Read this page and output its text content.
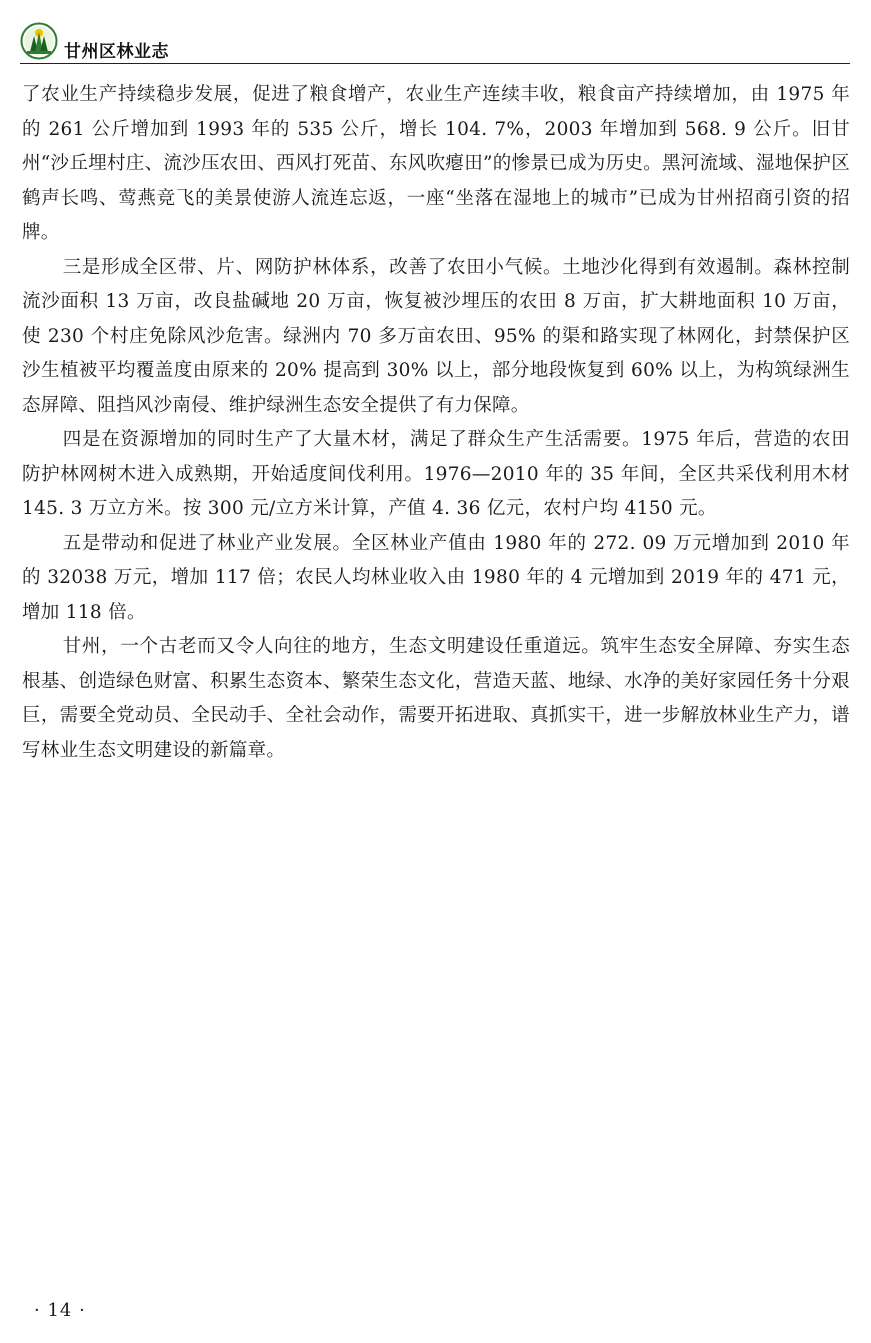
甘州区林业志

了农业生产持续稳步发展，促进了粮食增产，农业生产连续丰收，粮食亩产持续增加，由 1975 年的 261 公斤增加到 1993 年的 535 公斤，增长 104. 7%，2003 年增加到 568. 9 公斤。旧甘州“沙丘埋村庄、流沙压农田、西风打死苗、东风吹瘪田”的惨景已成为历史。黑河流域、湿地保护区鹤声长鸣、莺燕竞飞的美景使游人流连忘返，一座“坐落在湿地上的城市”已成为甘州招商引资的招牌。

三是形成全区带、片、网防护林体系，改善了农田小气候。土地沙化得到有效遏制。森林控制流沙面积 13 万亩，改良盐碱地 20 万亩，恢复被沙埋压的农田 8 万亩，扩大耕地面积 10 万亩，使 230 个村庄免除风沙危害。绿洲内 70 多万亩农田、95% 的渠和路实现了林网化，封禁保护区沙生植被平均覆盖度由原来的 20% 提高到 30% 以上，部分地段恢复到 60% 以上，为构筑绿洲生态屏障、阻挡风沙南侵、维护绿洲生态安全提供了有力保障。

四是在资源增加的同时生产了大量木材，满足了群众生产生活需要。1975 年后，营造的农田防护林网树木进入成熟期，开始适度间伐利用。1976—2010 年的 35 年间，全区共采伐利用木材 145. 3 万立方米。按 300 元/立方米计算，产值 4. 36 亿元，农村户均 4150 元。

五是带动和促进了林业产业发展。全区林业产值由 1980 年的 272. 09 万元增加到 2010 年的 32038 万元，增加 117 倍；农民人均林业收入由 1980 年的 4 元增加到 2019 年的 471 元，增加 118 倍。

甘州，一个古老而又令人向往的地方，生态文明建设任重道远。筑牢生态安全屏障、夯实生态根基、创造绿色财富、积累生态资本、繁荣生态文化，营造天蓝、地绿、水净的美好家园任务十分艰巨，需要全党动员、全民动手、全社会动作，需要开拓进取、真抓实干，进一步解放林业生产力，谱写林业生态文明建设的新篇章。

· 14 ·
